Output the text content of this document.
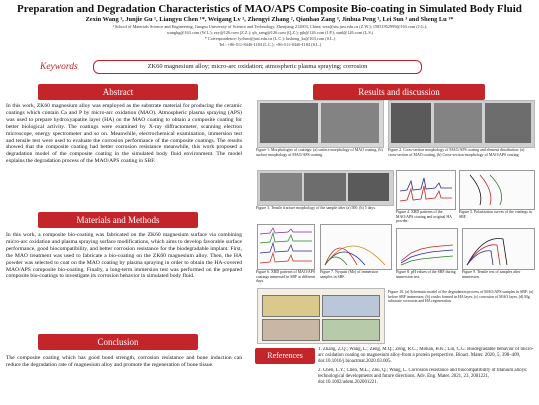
Preparation and Degradation Characteristics of MAO/APS Composite Bio-coating in Simulated Body Fluid
Zexin Wang ¹, Junjie Gu ¹, Liangyu Chen ¹*, Weigang Lv ², Zhengyi Zhang ², Qianhao Zang ³, Jinhua Peng ³, Lei Sun ³ and Sheng Lu ¹*
¹ School of Materials Science and Engineering, Jiangsu University of Science and Technology, Zhenjiang 212003, China; wzx@stu.just.edu.cn (Z.W.); 15851952999@163.com (J.G.);
wanghg@163.com (W.L.); zzy@126.com (Z.Z.); qh_zang@126.com (Q.Z.); pjh@126.com (J.P.); sunl@126.com (L.S.)
* Correspondence: lychen@just.edu.cn (L.C.); lusheng_ks@163.com (S.L.)
Tel.: +86-511-8440-1184 (L.C.); +86-511-8440-1184 (S.L.)
Keywords	ZK60 magnesium alloy; micro-arc oxidation; atmospheric plasma spraying; corrosion
Abstract
In this work, ZK60 magnesium alloy was employed as the substrate material for producing the ceramic coatings which contain Ca and P by micro-arc oxidation (MAO). Atmospheric plasma spraying (APS) was used to prepare hydroxyapatite layer (HA) on the MAO coating to obtain a composite coating for better biological activity. The coatings were examined by X-ray diffractometer, scanning electron microscope, energy spectrometer and so on. Meanwhile, electrochemical examination, immersion test and tensile test were used to evaluate the corrosion performance of the composite coatings. The results showed that the composite coating had better corrosion resistance meanwhile, this work proposed a degradation model of the composite coating in the simulated body fluid environment. The model explains the degradation process of the MAO/APS coating in SBF.
Materials and Methods
In this work, a composite bio-coating was fabricated on the ZK60 magnesium surface via combining micro-arc oxidation and plasma spraying surface modifications, which aims to develop favorable surface performance, good biocompatibility, and better corrosion resistance for the biodegradable implant. First, the MAO treatment was used to fabricate a bio-coating on the ZK60 magnesium alloy. Then, the HA powder was selected to coat on the MAO coating by plasma spraying in order to obtain the HA-covered MAO/APS composite bio-coating. Finally, a long-term immersion test was performed on the prepared composite bio-coatings to investigate its corrosion behavior in simulated body fluid.
Conclusion
The composite coating which has good bond strength, corrosion resistance and bone induction can reduce the degradation rate of magnesium alloy and promote the regeneration of bone tissue.
Results and discussion
Figure 1. Morphologies of coatings: (a) surface morphology of MAO coating, (b) surface morphology of MAO/APS coating.
Figure 2. Cross-section morphology of MAO/APS coating and element distribution: (a) cross-section of MAO coating, (b) Cross-section morphology of MAO/APS coating.
Figure 3. Tensile fracture morphology of the sample after (a) 500, (b) 5 days.
Figure 4. XRD patterns of the MAO/APS coating and original HA powder.
Figure 5. Polarization curves of the coatings in SBF.
Figure 6. XRD patterns of MAO/APS coatings immersed in SBF at different days.
Figure 7. Nyquist (Mo) of immersion samples in SBF.
Figure 8. pH values of the SBF during immersion test.
Figure 9. Tensile test of samples after immersion.
Figure 10. (a) Schematic model of the degradation process of MAO/APS samples in SBF: (a) before SBF immersion, (b) cracks formed in HA layer, (c) corrosion of MAO layer, (d) Mg substrate corrosion and HA regeneration.
References
1. Zhang, Z.Q.; Wang, L.; Zeng, M.Q.; Zeng, R.C.; Mohan, B.K.; Lin, C.G. Biodegradable behavior of micro-arc oxidation coating on magnesium alloy-from a protein perspective. Bioact. Mater. 2020, 5, 398–409, doi:10.1016/j.bioactmat.2020.03.005.
2. Chen, L.Y.; Chen, M.L.; Zhu, Q.; Wang, L. Corrosion resistance and biocompatibility of titanium alloys: technological developments and future directions. Adv. Eng. Mater. 2021, 23, 2001221, doi:10.1002/adem.202001221.
